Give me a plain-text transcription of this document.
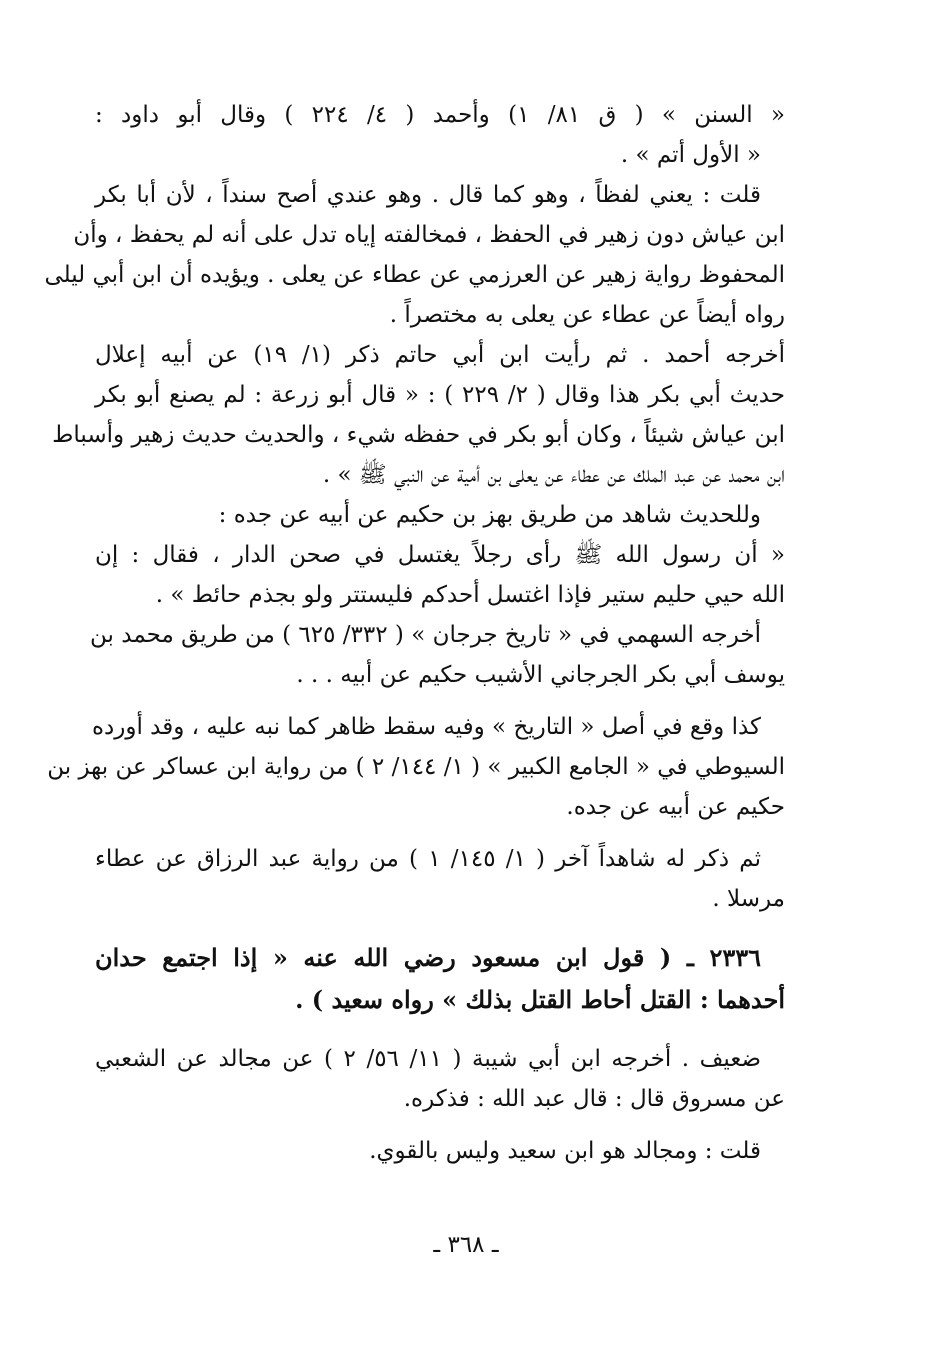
« السنن » ( ق ٨١/ ١) وأحمد ( ٤/ ٢٢٤ ) وقال أبو داود :
« الأول أتم » .
قلت : يعني لفظاً ، وهو كما قال . وهو عندي أصح سنداً ، لأن أبا بكر
ابن عياش دون زهير في الحفظ ، فمخالفته إياه تدل على أنه لم يحفظ ، وأن
المحفوظ رواية زهير عن العرزمي عن عطاء عن يعلى . ويؤيده أن ابن أبي ليلى
رواه أيضاً عن عطاء عن يعلى به مختصراً .
أخرجه أحمد . ثم رأيت ابن أبي حاتم ذكر (١/ ١٩) عن أبيه إعلال
حديث أبي بكر هذا وقال ( ٢/ ٢٢٩ ) : « قال أبو زرعة : لم يصنع أبو بكر
ابن عياش شيئاً ، وكان أبو بكر في حفظه شيء ، والحديث حديث زهير وأسباط
ابن محمد عن عبد الملك عن عطاء عن يعلى بن أمية عن النبي ﷺ » .
وللحديث شاهد من طريق بهز بن حكيم عن أبيه عن جده :
« أن رسول الله ﷺ رأى رجلاً يغتسل في صحن الدار ، فقال : إن
الله حيي حليم ستير فإذا اغتسل أحدكم فليستتر ولو بجذم حائط » .
أخرجه السهمي في « تاريخ جرجان » ( ٣٣٢/ ٦٢٥ ) من طريق محمد بن
يوسف أبي بكر الجرجاني الأشيب حكيم عن أبيه . . .
كذا وقع في أصل « التاريخ » وفيه سقط ظاهر كما نبه عليه ، وقد أورده
السيوطي في « الجامع الكبير » ( ١/ ١٤٤/ ٢ ) من رواية ابن عساكر عن بهز بن
حكيم عن أبيه عن جده.
ثم ذكر له شاهداً آخر ( ١/ ١٤٥/ ١ ) من رواية عبد الرزاق عن عطاء
مرسلا .
٢٣٣٦ ـ ( قول ابن مسعود رضي الله عنه « إذا اجتمع حدان
أحدهما : القتل أحاط القتل بذلك » رواه سعيد ) .
ضعيف . أخرجه ابن أبي شيبة ( ١١/ ٥٦/ ٢ ) عن مجالد عن الشعبي
عن مسروق قال : قال عبد الله : فذكره.
قلت : ومجالد هو ابن سعيد وليس بالقوي.
ـ ٣٦٨ ـ
